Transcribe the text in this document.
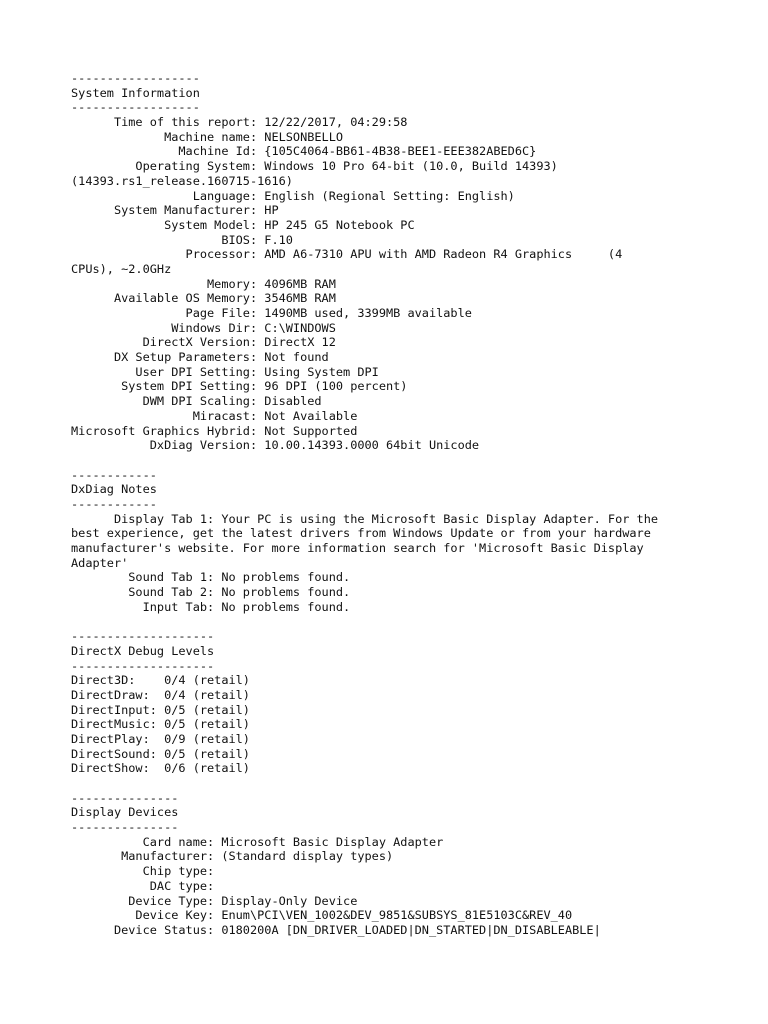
------------------
System Information
------------------
Time of this report: 12/22/2017, 04:29:58
Machine name: NELSONBELLO
Machine Id: {105C4064-BB61-4B38-BEE1-EEE382ABED6C}
Operating System: Windows 10 Pro 64-bit (10.0, Build 14393)
(14393.rs1_release.160715-1616)
Language: English (Regional Setting: English)
System Manufacturer: HP
System Model: HP 245 G5 Notebook PC
BIOS: F.10
Processor: AMD A6-7310 APU with AMD Radeon R4 Graphics     (4
CPUs), ~2.0GHz
Memory: 4096MB RAM
Available OS Memory: 3546MB RAM
Page File: 1490MB used, 3399MB available
Windows Dir: C:\WINDOWS
DirectX Version: DirectX 12
DX Setup Parameters: Not found
User DPI Setting: Using System DPI
System DPI Setting: 96 DPI (100 percent)
DWM DPI Scaling: Disabled
Miracast: Not Available
Microsoft Graphics Hybrid: Not Supported
DxDiag Version: 10.00.14393.0000 64bit Unicode
------------
DxDiag Notes
------------
Display Tab 1: Your PC is using the Microsoft Basic Display Adapter. For the
best experience, get the latest drivers from Windows Update or from your hardware
manufacturer's website. For more information search for 'Microsoft Basic Display
Adapter'
Sound Tab 1: No problems found.
Sound Tab 2: No problems found.
Input Tab: No problems found.
--------------------
DirectX Debug Levels
--------------------
Direct3D:    0/4 (retail)
DirectDraw:  0/4 (retail)
DirectInput: 0/5 (retail)
DirectMusic: 0/5 (retail)
DirectPlay:  0/9 (retail)
DirectSound: 0/5 (retail)
DirectShow:  0/6 (retail)
---------------
Display Devices
---------------
Card name: Microsoft Basic Display Adapter
Manufacturer: (Standard display types)
Chip type:
DAC type:
Device Type: Display-Only Device
Device Key: Enum\PCI\VEN_1002&DEV_9851&SUBSYS_81E5103C&REV_40
Device Status: 0180200A [DN_DRIVER_LOADED|DN_STARTED|DN_DISABLEABLE|
